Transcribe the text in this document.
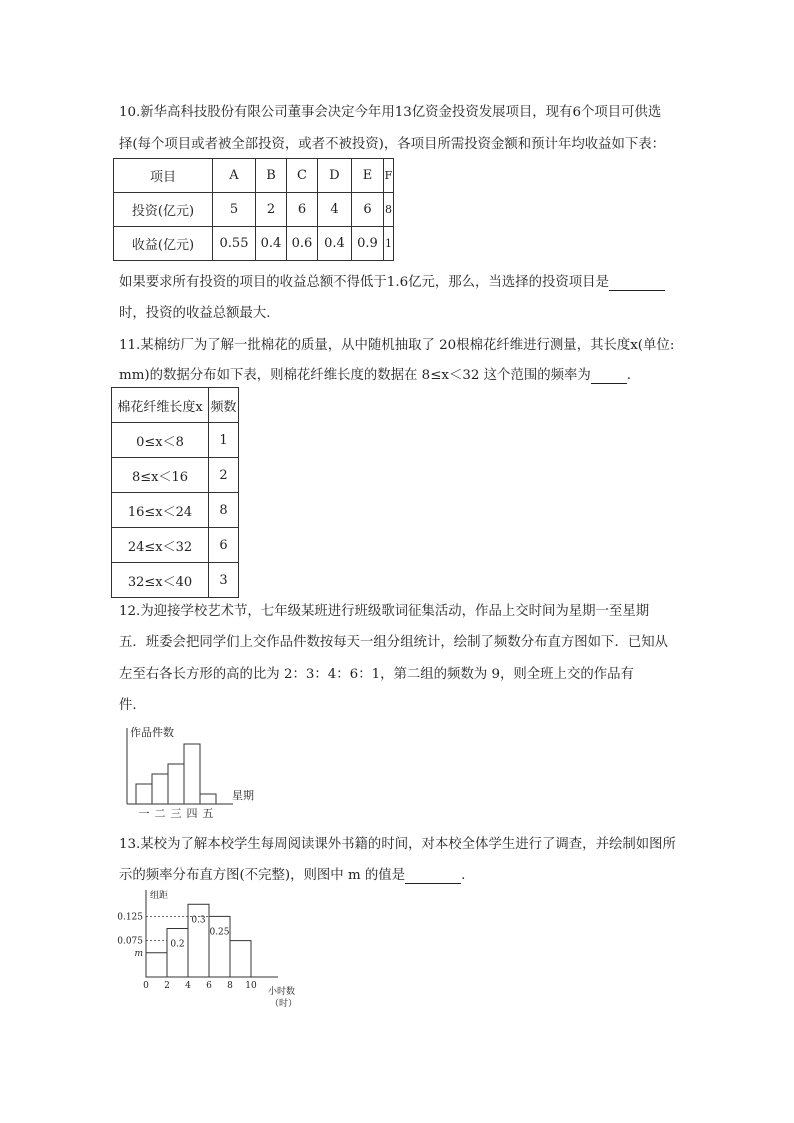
10.新华高科技股份有限公司董事会决定今年用13亿资金投资发展项目，现有6个项目可供选
择(每个项目或者被全部投资，或者不被投资)，各项目所需投资金额和预计年均收益如下表：
项目	A	B	C	D	E	F
投资(亿元)	5	2	6	4	6	8
收益(亿元)	0.55	0.4	0.6	0.4	0.9	1
如果要求所有投资的项目的收益总额不得低于1.6亿元，那么，当选择的投资项目是
时，投资的收益总额最大.
11.某棉纺厂为了解一批棉花的质量，从中随机抽取了 20根棉花纤维进行测量，其长度x(单位:
mm)的数据分布如下表，则棉花纤维长度的数据在 8≤x＜32 这个范围的频率为	.
棉花纤维长度x	频数
0≤x＜8	1
8≤x＜16	2
16≤x＜24	8
24≤x＜32	6
32≤x＜40	3
12.为迎接学校艺术节，七年级某班进行班级歌词征集活动，作品上交时间为星期一至星期
五．班委会把同学们上交作品件数按每天一组分组统计，绘制了频数分布直方图如下．已知从
左至右各长方形的高的比为 2：3：4：6：1，第二组的频数为 9，则全班上交的作品有
件．
作品件数
星期
一 二 三 四 五
13.某校为了解本校学生每周阅读课外书籍的时间，对本校全体学生进行了调查，并绘制如图所
示的频率分布直方图(不完整)，则图中 m 的值是	.
组距
小时数
（时）
0.2
0.3
0.25
0.125
0.075
m
0 2 4 6 8 10
